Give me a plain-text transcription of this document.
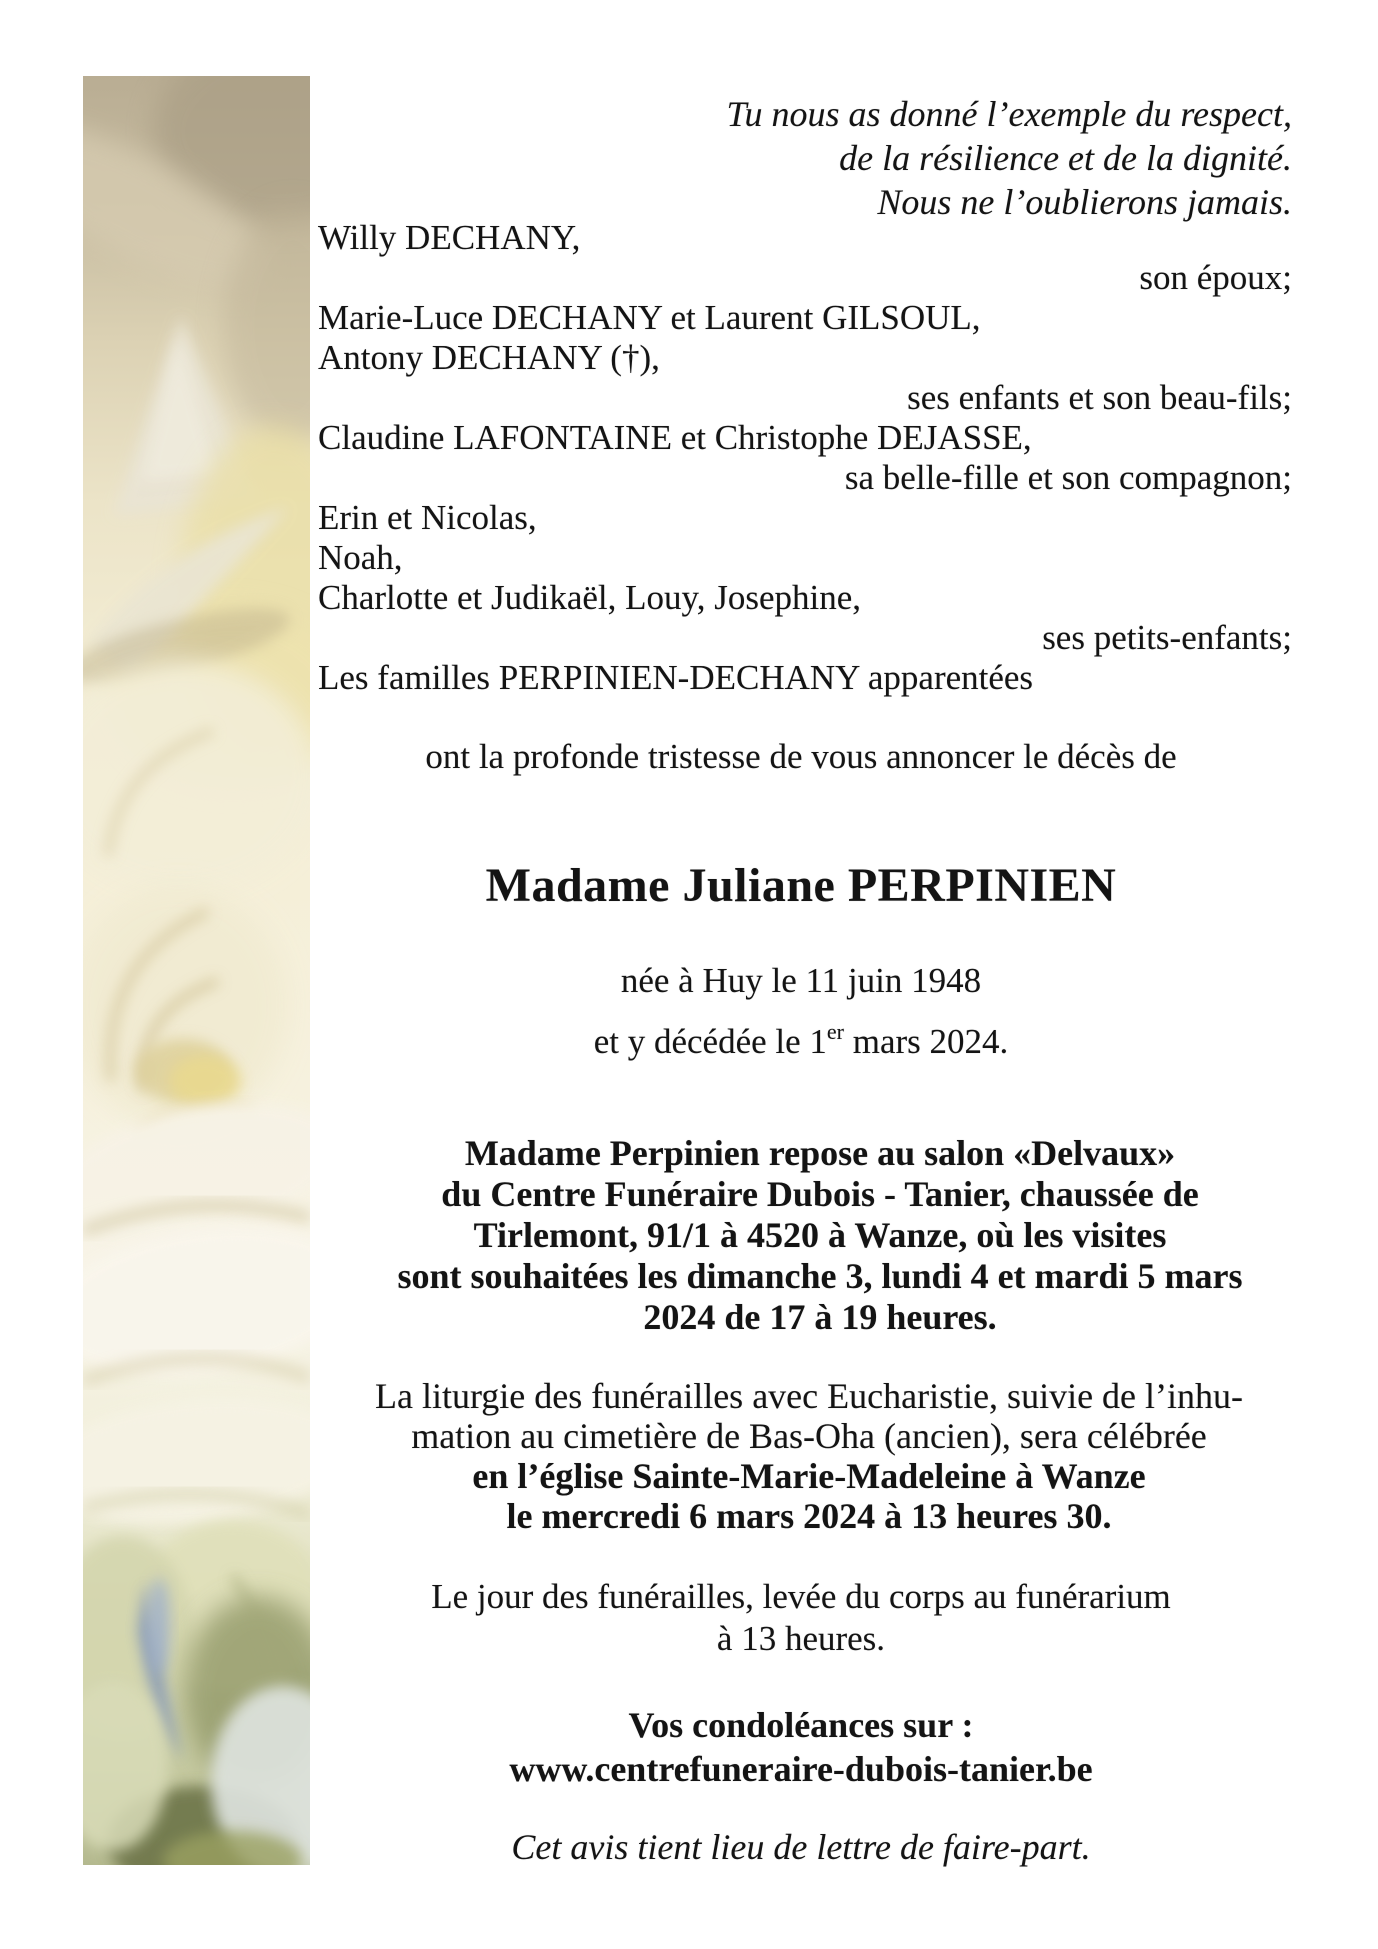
Tu nous as donné l’exemple du respect,
de la résilience et de la dignité.
Nous ne l’oublierons jamais.
Willy DECHANY,
son époux;
Marie-Luce DECHANY et Laurent GILSOUL,
Antony DECHANY (†),
ses enfants et son beau-fils;
Claudine LAFONTAINE et Christophe DEJASSE,
sa belle-fille et son compagnon;
Erin et Nicolas,
Noah,
Charlotte et Judikaël, Louy, Josephine,
ses petits-enfants;
Les familles PERPINIEN-DECHANY apparentées
ont la profonde tristesse de vous annoncer le décès de
Madame Juliane PERPINIEN
née à Huy le 11 juin 1948
et y décédée le 1er mars 2024.
Madame Perpinien repose au salon «Delvaux»
du Centre Funéraire Dubois - Tanier, chaussée de
Tirlemont, 91/1 à 4520 à Wanze, où les visites
sont souhaitées les dimanche 3, lundi 4 et mardi 5 mars
2024 de 17 à 19 heures.
La liturgie des funérailles avec Eucharistie, suivie de l’inhu-
mation au cimetière de Bas-Oha (ancien), sera célébrée
en l’église Sainte-Marie-Madeleine à Wanze
le mercredi 6 mars 2024 à 13 heures 30.
Le jour des funérailles, levée du corps au funérarium
à 13 heures.
Vos condoléances sur :
www.centrefuneraire-dubois-tanier.be
Cet avis tient lieu de lettre de faire-part.
